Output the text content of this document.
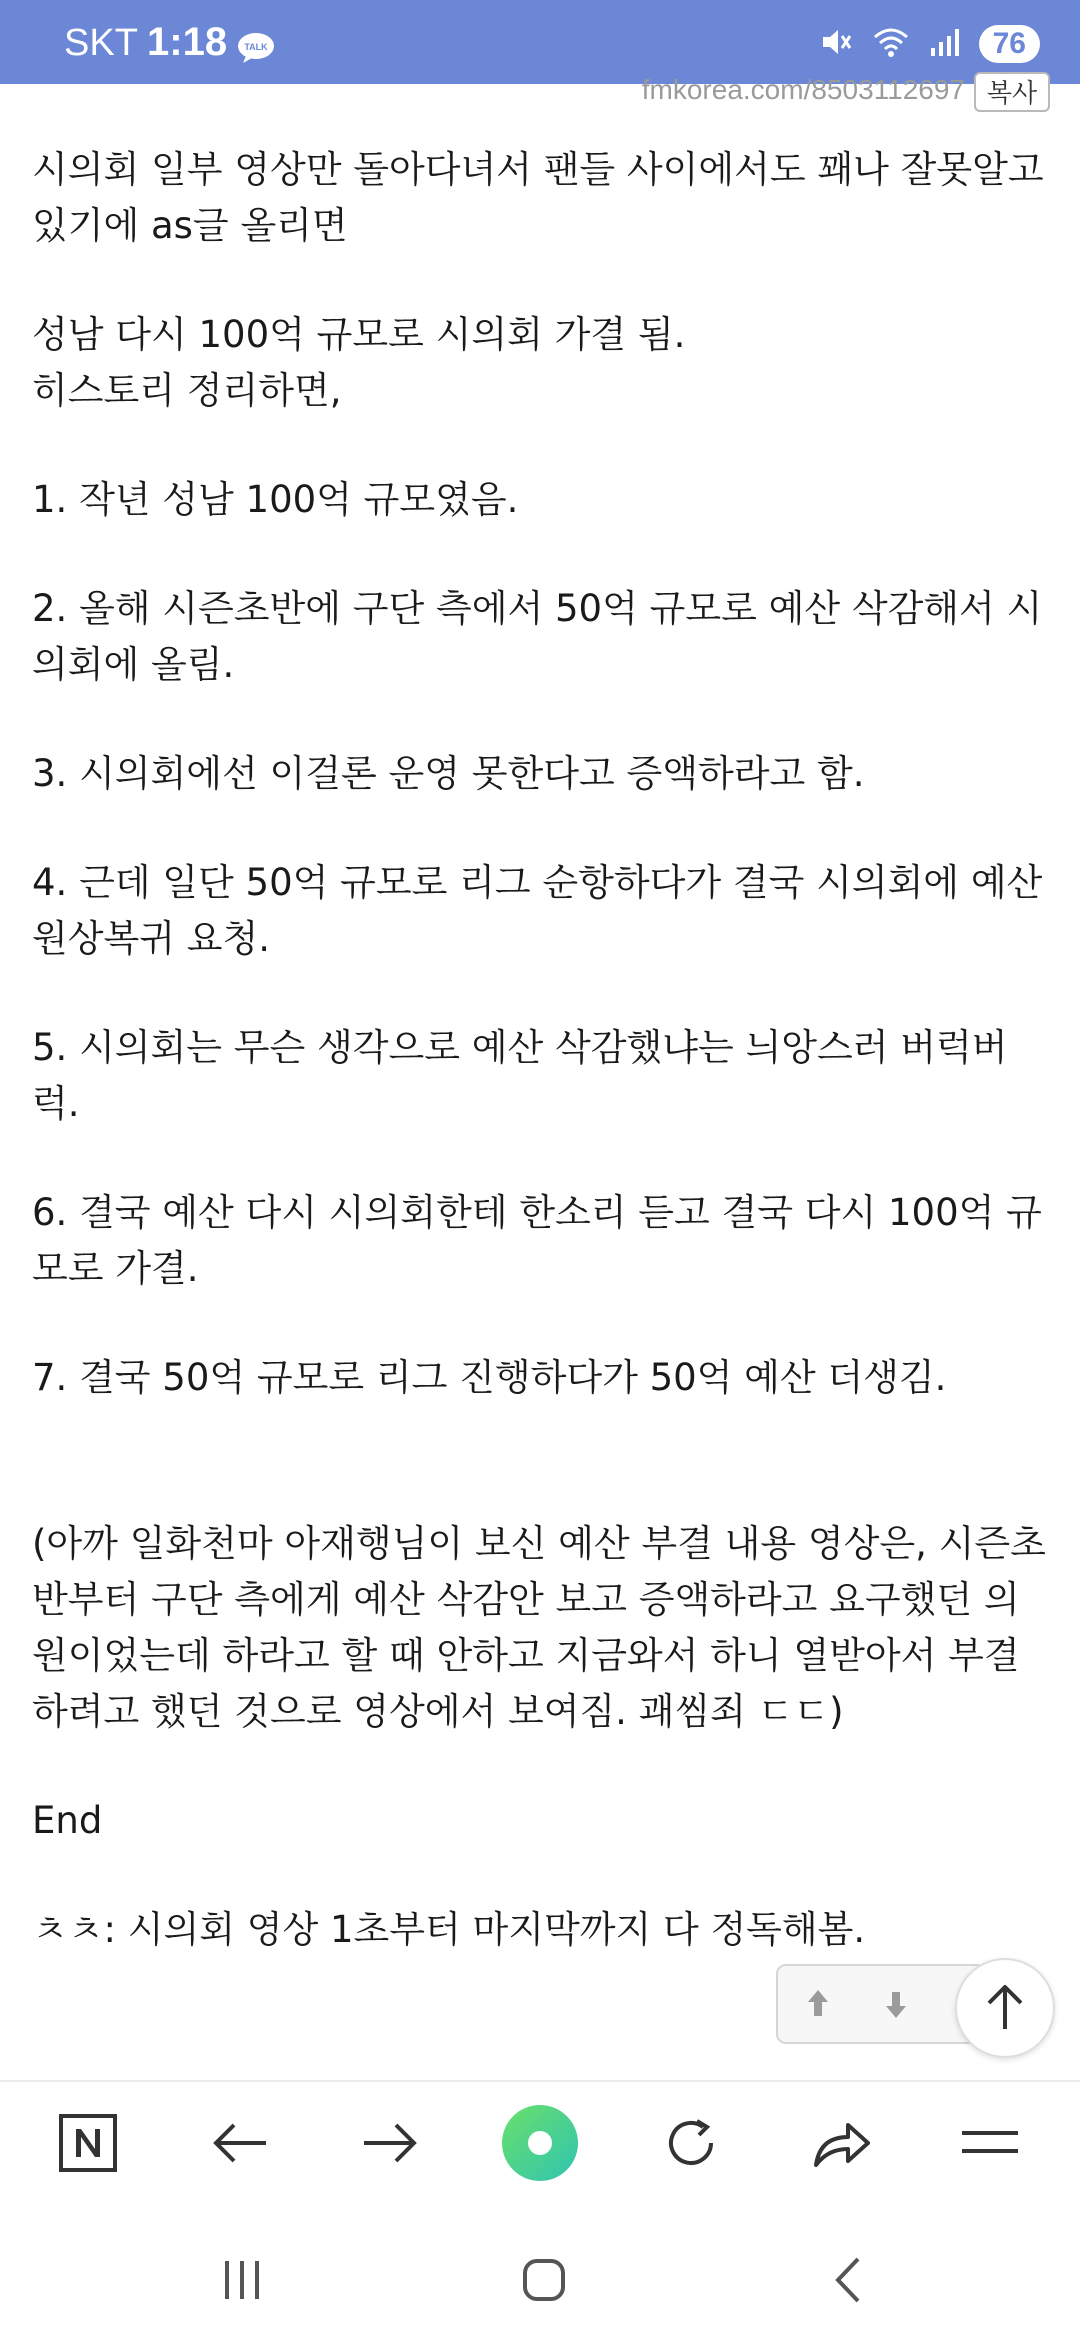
SKT 1:18 TALK	76
fmkorea.com/8503112697 복사

시의회 일부 영상만 돌아다녀서 팬들 사이에서도 꽤나 잘못알고 있기에 as글 올리면

성남 다시 100억 규모로 시의회 가결 됨.
히스토리 정리하면,

1. 작년 성남 100억 규모였음.

2. 올해 시즌초반에 구단 측에서 50억 규모로 예산 삭감해서 시의회에 올림.

3. 시의회에선 이걸론 운영 못한다고 증액하라고 함.

4. 근데 일단 50억 규모로 리그 순항하다가 결국 시의회에 예산 원상복귀 요청.

5. 시의회는 무슨 생각으로 예산 삭감했냐는 늬앙스러 버럭버럭.

6. 결국 예산 다시 시의회한테 한소리 듣고 결국 다시 100억 규모로 가결.

7. 결국 50억 규모로 리그 진행하다가 50억 예산 더생김.

(아까 일화천마 아재행님이 보신 예산 부결 내용 영상은, 시즌초반부터 구단 측에게 예산 삭감안 보고 증액하라고 요구했던 의원이었는데 하라고 할 때 안하고 지금와서 하니 열받아서 부결하려고 했던 것으로 영상에서 보여짐. 괘씸죄 ㄷㄷ)

End

ㅊㅊ: 시의회 영상 1초부터 마지막까지 다 정독해봄.
